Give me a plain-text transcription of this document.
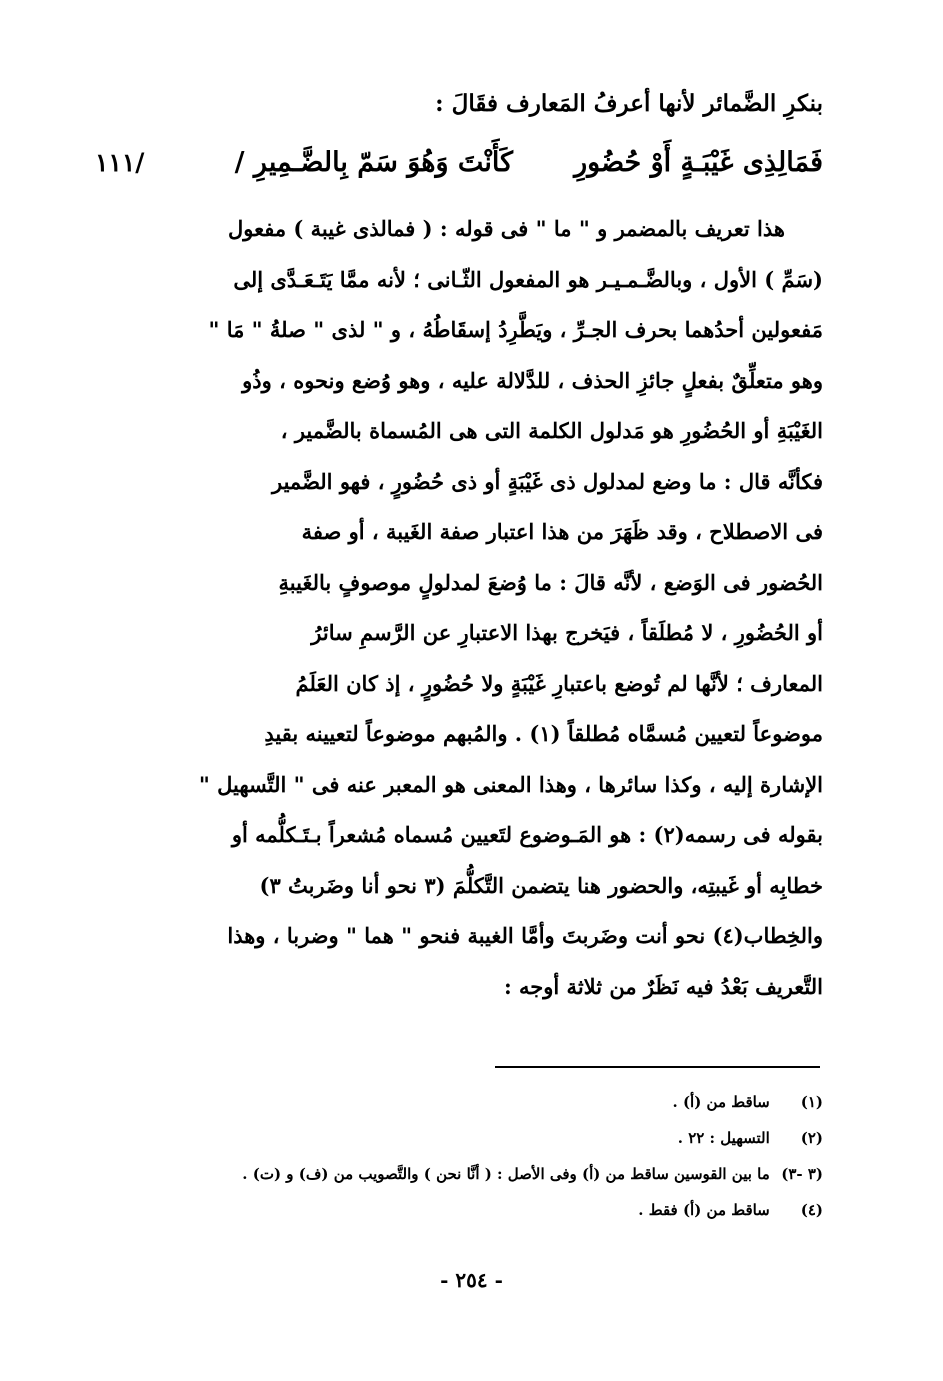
بنكرِ الضَّمائر لأنها أعرفُ المَعارف فقَالَ :
فَمَالِذِى غَيْبَـةٍ أَوْ حُضُورِ
كَأَنْتَ وَهُوَ سَمّ بِالضَّـمِيرِ /
١١١/
هذا تعريف بالمضمر و " ما " فى قوله : ( فمالذى غيبة ) مفعول
(سَمِّ ) الأول ، وبالضَّـمـيـر هو المفعول الثّـانى ؛ لأنه ممَّا يَتَـعَـدَّى إلى
مَفعولين أحدُهما بحرف الجـرِّ ، ويَطَّرِدُ إسقَاطُهُ ، و " لذى " صلةُ " مَا "
وهو متعلِّقٌ بفعلٍ جائزِ الحذف ، للدَّلالة عليه ، وهو وُضع ونحوه ، وذُو
الغَيْبَةِ أو الحُضُورِ هو مَدلول الكلمة التى هى المُسماة بالضَّمير ،
فكأنَّه قال : ما وضع لمدلول ذى غَيْبَةٍ أو ذى حُضُورٍ ، فهو الضَّمير
فى الاصطلاح ، وقد ظَهَرَ من هذا اعتبار صفة الغَيبة ، أو صفة
الحُضور فى الوَضع ، لأنَّه قالَ : ما وُضعَ لمدلولٍ موصوفٍ بالغَيبةِ
أو الحُضُورِ ، لا مُطلَقاً ، فيَخرج بهذا الاعتبارِ عن الرَّسمِ سائرُ
المعارف ؛ لأنَّها لم تُوضع باعتبارِ غَيْبَةٍ ولا حُضُورٍ ، إذ كان العَلَمُ
موضوعاً لتعيين مُسمَّاه مُطلقاً (١) . والمُبهم موضوعاً لتعيينه بقيدِ
الإشارة إليه ، وكذا سائرها ، وهذا المعنى هو المعبر عنه فى " التَّسهيل "
بقوله فى رسمه(٢) : هو المَـوضوع لتَعيين مُسماه مُشعراً بـتَـكلُّمه أو
خطابِه أو غَيبتِه، والحضور هنا يتضمن التَّكلُّمَ (٣ نحو أنا وضَربتُ ٣)
والخِطاب(٤) نحو أنت وضَربتَ وأمَّا الغيبة فنحو " هما " وضربا ، وهذا
التَّعريف بَعْدُ فيه نَظَرٌ من ثلاثة أوجه :
(١) ساقط من (أ) .
(٢) التسهيل : ٢٢ .
(٣ -٣) ما بين القوسين ساقط من (أ) وفى الأصل : ( أنَّا نحن ) والتَّصويب من (ف) و (ت) .
(٤) ساقط من (أ) فقط .
- ٢٥٤ -
